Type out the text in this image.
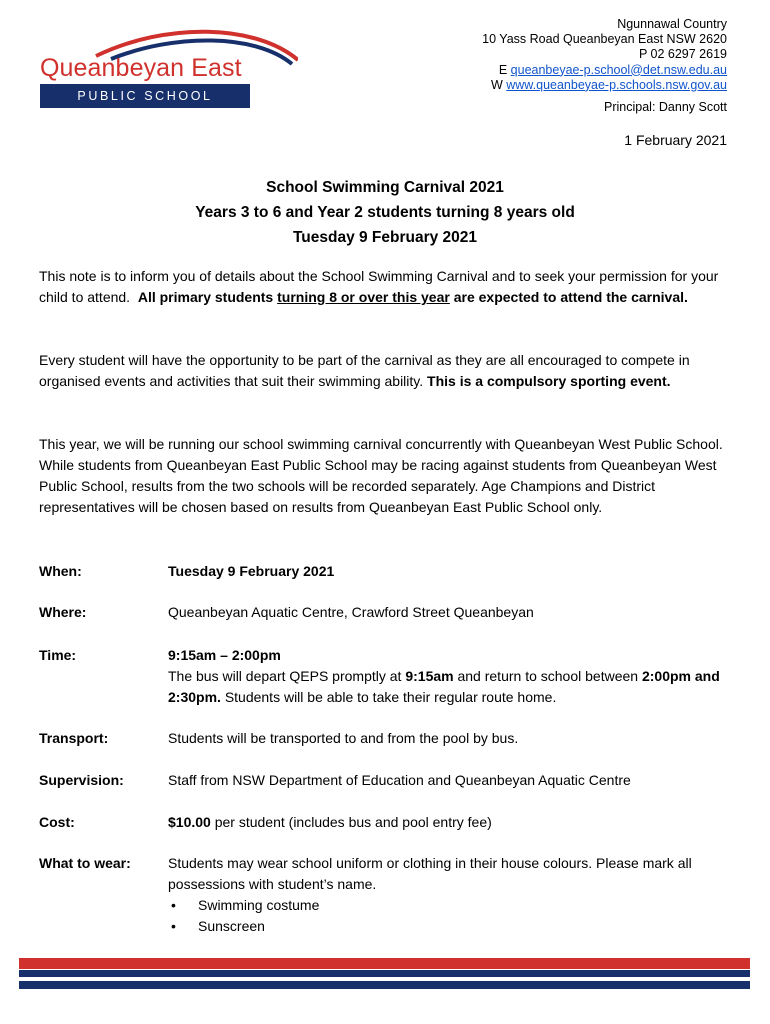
Queanbeyan East
PUBLIC SCHOOL
Ngunnawal Country
10 Yass Road Queanbeyan East NSW 2620
P 02 6297 2619
E queanbeyae-p.school@det.nsw.edu.au
W www.queanbeyae-p.schools.nsw.gov.au
Principal: Danny Scott
1 February 2021
School Swimming Carnival 2021
Years 3 to 6 and Year 2 students turning 8 years old
Tuesday 9 February 2021
This note is to inform you of details about the School Swimming Carnival and to seek your permission for your child to attend. All primary students turning 8 or over this year are expected to attend the carnival.
Every student will have the opportunity to be part of the carnival as they are all encouraged to compete in organised events and activities that suit their swimming ability. This is a compulsory sporting event.
This year, we will be running our school swimming carnival concurrently with Queanbeyan West Public School. While students from Queanbeyan East Public School may be racing against students from Queanbeyan West Public School, results from the two schools will be recorded separately. Age Champions and District representatives will be chosen based on results from Queanbeyan East Public School only.
When:	Tuesday 9 February 2021
Where:	Queanbeyan Aquatic Centre, Crawford Street Queanbeyan
Time:	9:15am – 2:00pm
The bus will depart QEPS promptly at 9:15am and return to school between 2:00pm and 2:30pm. Students will be able to take their regular route home.
Transport:	Students will be transported to and from the pool by bus.
Supervision:	Staff from NSW Department of Education and Queanbeyan Aquatic Centre
Cost:	$10.00 per student (includes bus and pool entry fee)
What to wear:	Students may wear school uniform or clothing in their house colours. Please mark all possessions with student’s name.
• Swimming costume
• Sunscreen
